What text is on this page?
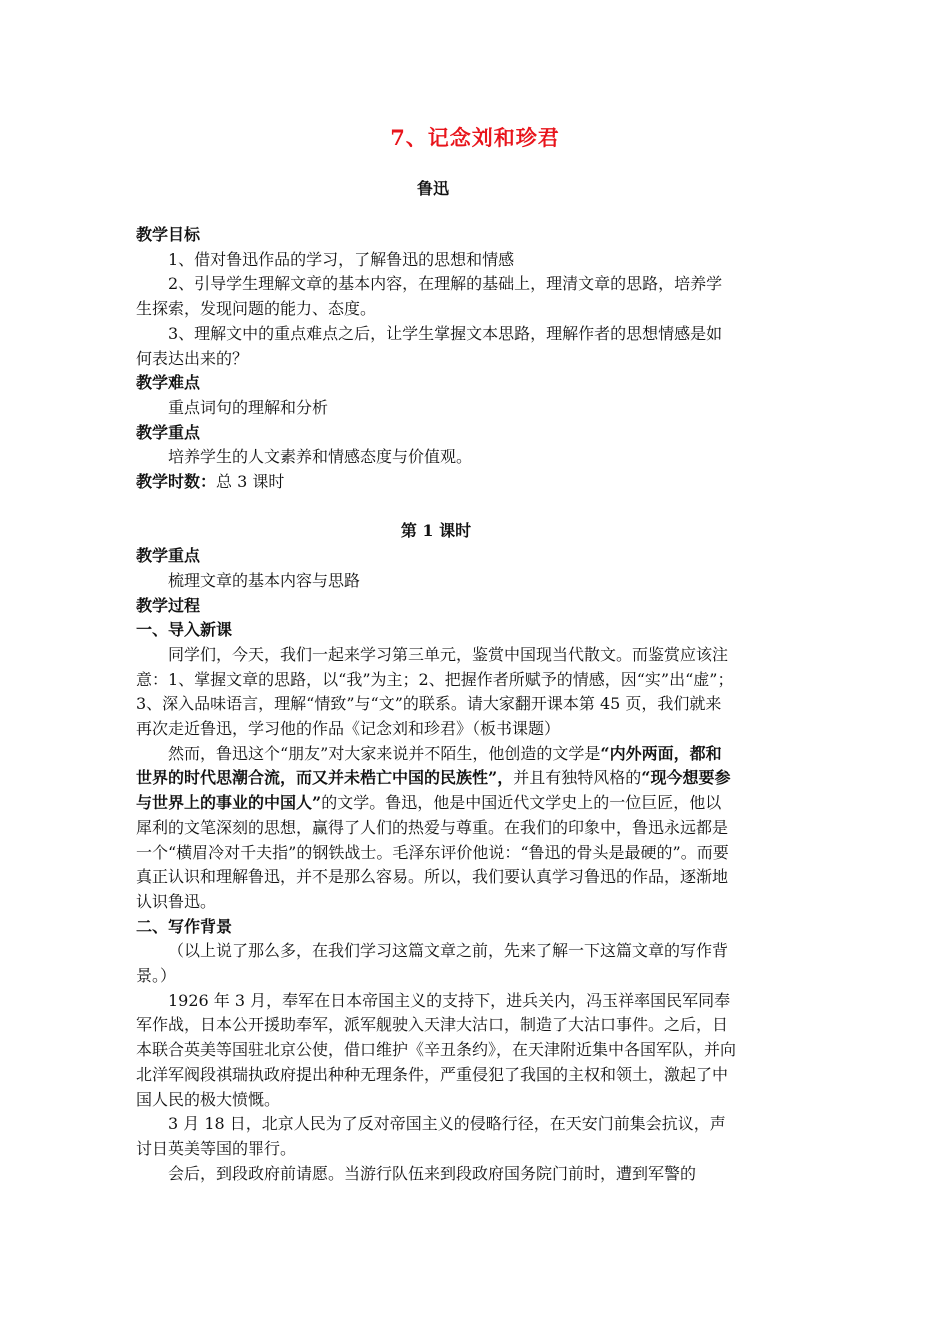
7、记念刘和珍君
鲁迅
教学目标
1、借对鲁迅作品的学习，了解鲁迅的思想和情感
2、引导学生理解文章的基本内容，在理解的基础上，理清文章的思路，培养学生探索，发现问题的能力、态度。
3、理解文中的重点难点之后，让学生掌握文本思路，理解作者的思想情感是如何表达出来的？
教学难点
重点词句的理解和分析
教学重点
培养学生的人文素养和情感态度与价值观。
教学时数：总 3 课时
第 1 课时
教学重点
梳理文章的基本内容与思路
教学过程
一、导入新课
同学们，今天，我们一起来学习第三单元，鉴赏中国现当代散文。而鉴赏应该注意：1、掌握文章的思路，以“我”为主；2、把握作者所赋予的情感，因“实”出“虚”；3、深入品味语言，理解“情致”与“文”的联系。请大家翻开课本第 45 页，我们就来再次走近鲁迅，学习他的作品《记念刘和珍君》（板书课题）
然而，鲁迅这个“朋友”对大家来说并不陌生，他创造的文学是“内外两面，都和世界的时代思潮合流，而又并未梏亡中国的民族性”，并且有独特风格的“现今想要参与世界上的事业的中国人”的文学。鲁迅，他是中国近代文学史上的一位巨匠，他以犀利的文笔深刻的思想，赢得了人们的热爱与尊重。在我们的印象中，鲁迅永远都是一个“横眉冷对千夫指”的钢铁战士。毛泽东评价他说：“鲁迅的骨头是最硬的”。而要真正认识和理解鲁迅，并不是那么容易。所以，我们要认真学习鲁迅的作品，逐渐地认识鲁迅。
二、写作背景
（以上说了那么多，在我们学习这篇文章之前，先来了解一下这篇文章的写作背景。）
1926 年 3 月，奉军在日本帝国主义的支持下，进兵关内，冯玉祥率国民军同奉军作战，日本公开援助奉军，派军舰驶入天津大沽口，制造了大沽口事件。之后，日本联合英美等国驻北京公使，借口维护《辛丑条约》，在天津附近集中各国军队，并向北洋军阀段祺瑞执政府提出种种无理条件，严重侵犯了我国的主权和领土，激起了中国人民的极大愤慨。
3 月 18 日，北京人民为了反对帝国主义的侵略行径，在天安门前集会抗议，声讨日英美等国的罪行。
会后，到段政府前请愿。当游行队伍来到段政府国务院门前时，遭到军警的
